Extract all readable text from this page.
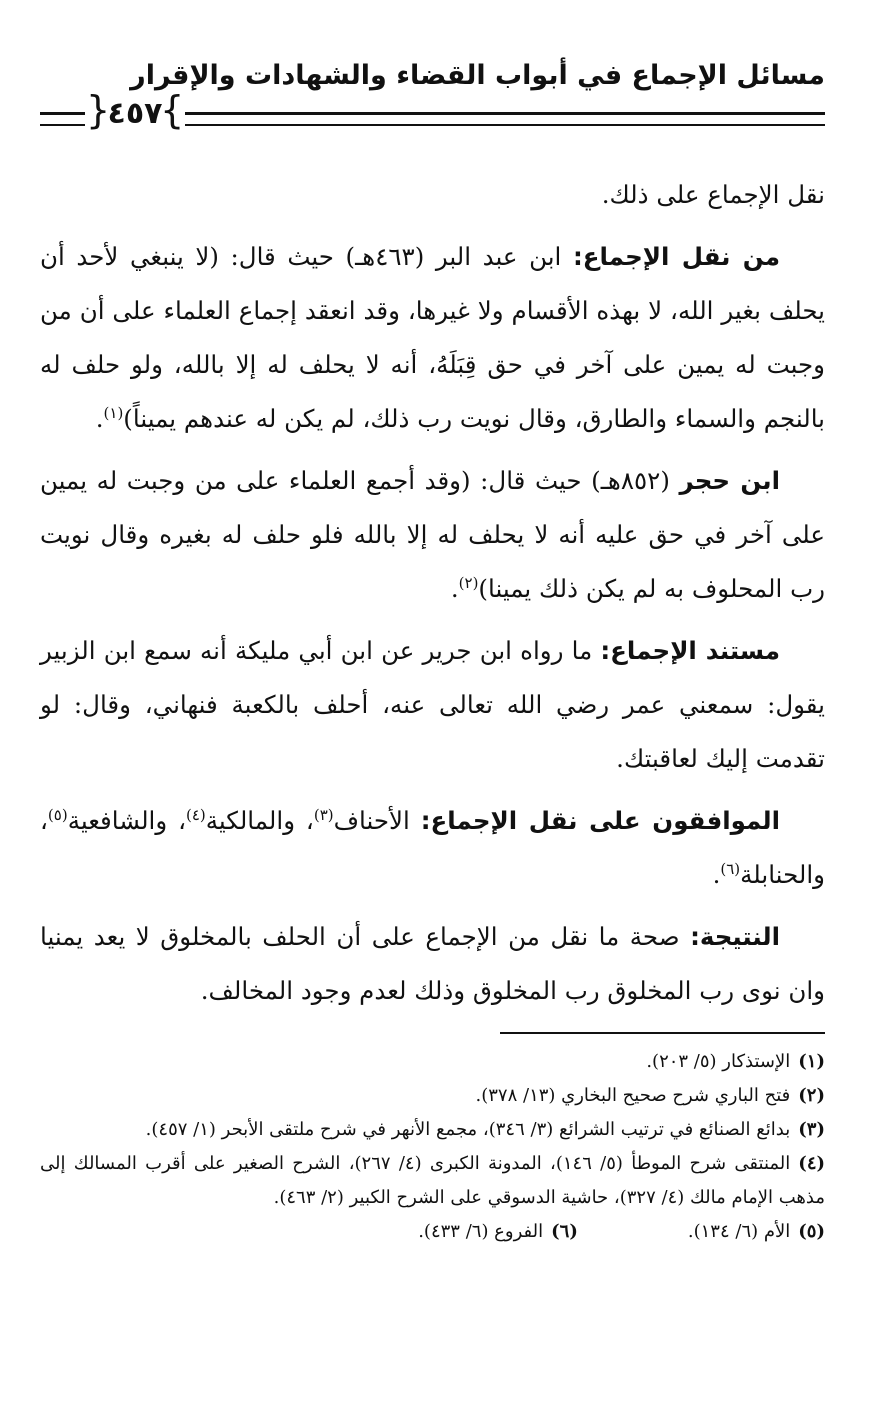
مسائل الإجماع في أبواب القضاء والشهادات والإقرار
{ ٤٥٧ {

نقل الإجماع على ذلك.

من نقل الإجماع: ابن عبد البر (٤٦٣هـ) حيث قال: (لا ينبغي لأحد أن يحلف بغير الله، لا بهذه الأقسام ولا غيرها، وقد انعقد إجماع العلماء على أن من وجبت له يمين على آخر في حق قِبَلَهُ، أنه لا يحلف له إلا بالله، ولو حلف له بالنجم والسماء والطارق، وقال نويت رب ذلك، لم يكن له عندهم يميناً)$^{(١)}$.

ابن حجر (٨٥٢هـ) حيث قال: (وقد أجمع العلماء على من وجبت له يمين على آخر في حق عليه أنه لا يحلف له إلا بالله فلو حلف له بغيره وقال نويت رب المحلوف به لم يكن ذلك يمينا)$^{(٢)}$.

مستند الإجماع: ما رواه ابن جرير عن ابن أبي مليكة أنه سمع ابن الزبير يقول: سمعني عمر رضي الله تعالى عنه، أحلف بالكعبة فنهاني، وقال: لو تقدمت إليك لعاقبتك.

الموافقون على نقل الإجماع: الأحناف$^{(٣)}$، والمالكية$^{(٤)}$، والشافعية$^{(٥)}$، والحنابلة$^{(٦)}$.

النتيجة: صحة ما نقل من الإجماع على أن الحلف بالمخلوق لا يعد يمنيا وان نوى رب المخلوق رب المخلوق وذلك لعدم وجود المخالف.

(١)الإستذكار (٥/ ٢٠٣).

(٢)فتح الباري شرح صحيح البخاري (١٣/ ٣٧٨).

(٣)بدائع الصنائع في ترتيب الشرائع (٣/ ٣٤٦)، مجمع الأنهر في شرح ملتقى الأبحر (١/ ٤٥٧).

(٤)المنتقى شرح الموطأ (٥/ ١٤٦)، المدونة الكبرى (٤/ ٢٦٧)، الشرح الصغير على أقرب المسالك إلى مذهب الإمام مالك (٤/ ٣٢٧)، حاشية الدسوقي على الشرح الكبير (٢/ ٤٦٣).

(٥)الأم (٦/ ١٣٤).

(٦)الفروع (٦/ ٤٣٣).
